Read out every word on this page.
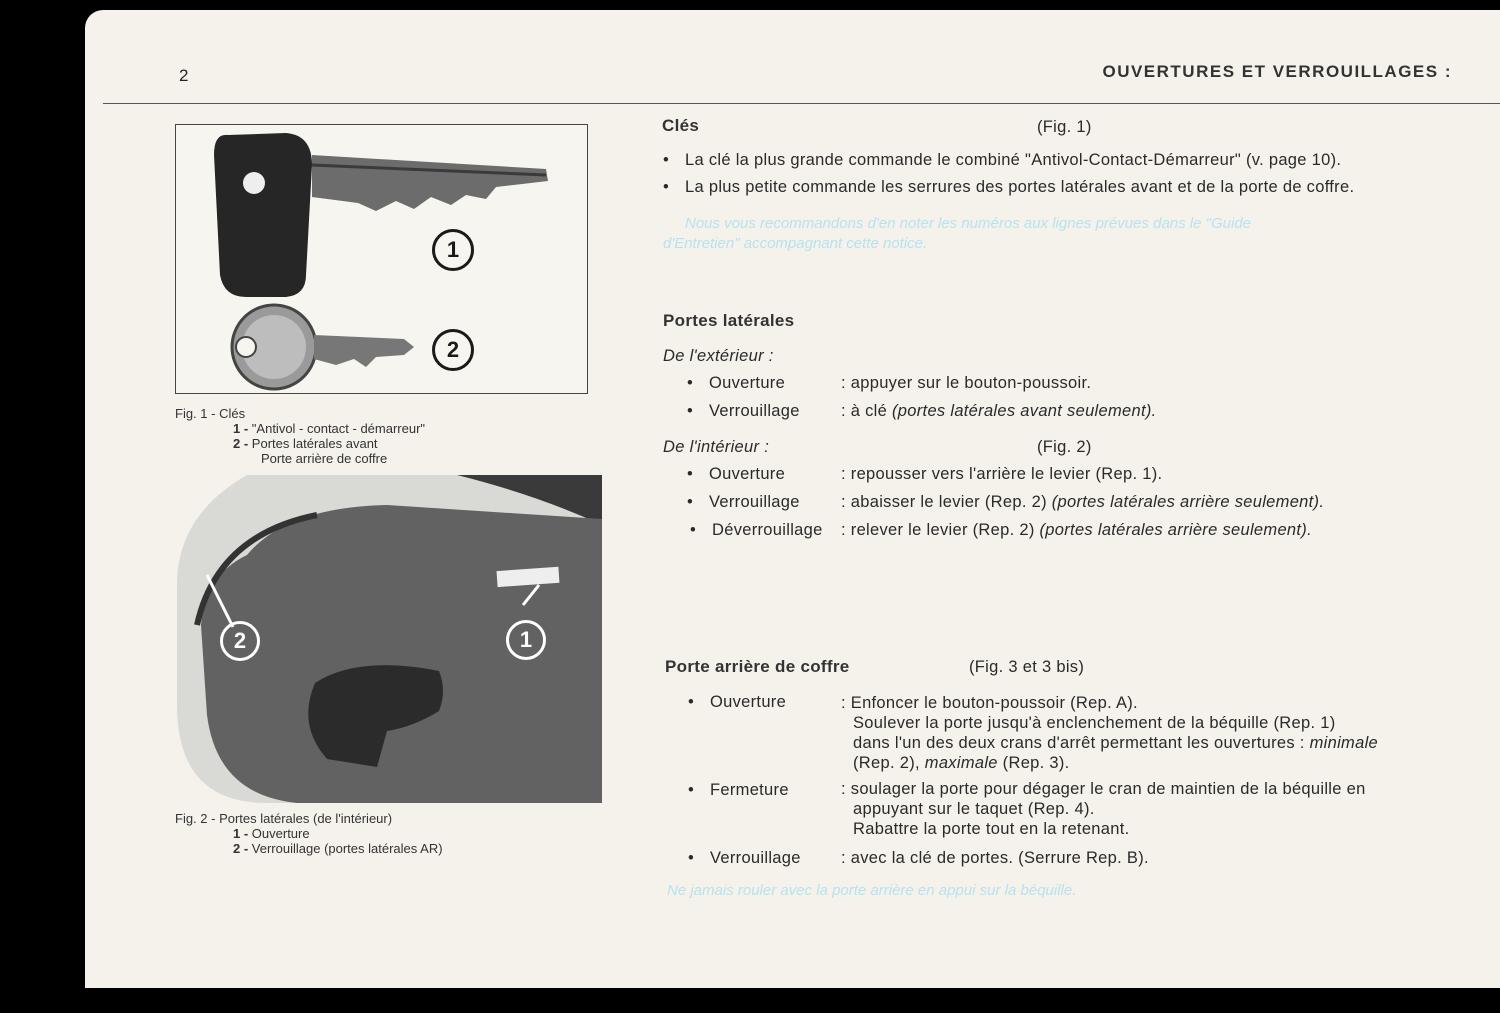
2	OUVERTURES ET VERROUILLAGES :
1
2
Fig. 1 - Clés
1 - "Antivol - contact - démarreur"
2 - Portes latérales avant
Porte arrière de coffre
2	1
Fig. 2 - Portes latérales (de l'intérieur)
1 - Ouverture
2 - Verrouillage (portes latérales AR)
Clés	(Fig. 1)
• La clé la plus grande commande le combiné "Antivol-Contact-Démarreur" (v. page 10).
• La plus petite commande les serrures des portes latérales avant et de la porte de coffre.
Nous vous recommandons d'en noter les numéros aux lignes prévues dans le "Guide
d'Entretien" accompagnant cette notice.
Portes latérales
De l'extérieur :
• Ouverture	: appuyer sur le bouton-poussoir.
• Verrouillage	: à clé (portes latérales avant seulement).
De l'intérieur :	(Fig. 2)
• Ouverture	: repousser vers l'arrière le levier (Rep. 1).
• Verrouillage	: abaisser le levier (Rep. 2) (portes latérales arrière seulement).
• Déverrouillage : relever le levier (Rep. 2) (portes latérales arrière seulement).
Porte arrière de coffre	(Fig. 3 et 3 bis)
• Ouverture	: Enfoncer le bouton-poussoir (Rep. A).
Soulever la porte jusqu'à enclenchement de la béquille (Rep. 1)
dans l'un des deux crans d'arrêt permettant les ouvertures : minimale
(Rep. 2), maximale (Rep. 3).
• Fermeture	: soulager la porte pour dégager le cran de maintien de la béquille en
appuyant sur le taquet (Rep. 4).
Rabattre la porte tout en la retenant.
• Verrouillage : avec la clé de portes. (Serrure Rep. B).
Ne jamais rouler avec la porte arrière en appui sur la béquille.
